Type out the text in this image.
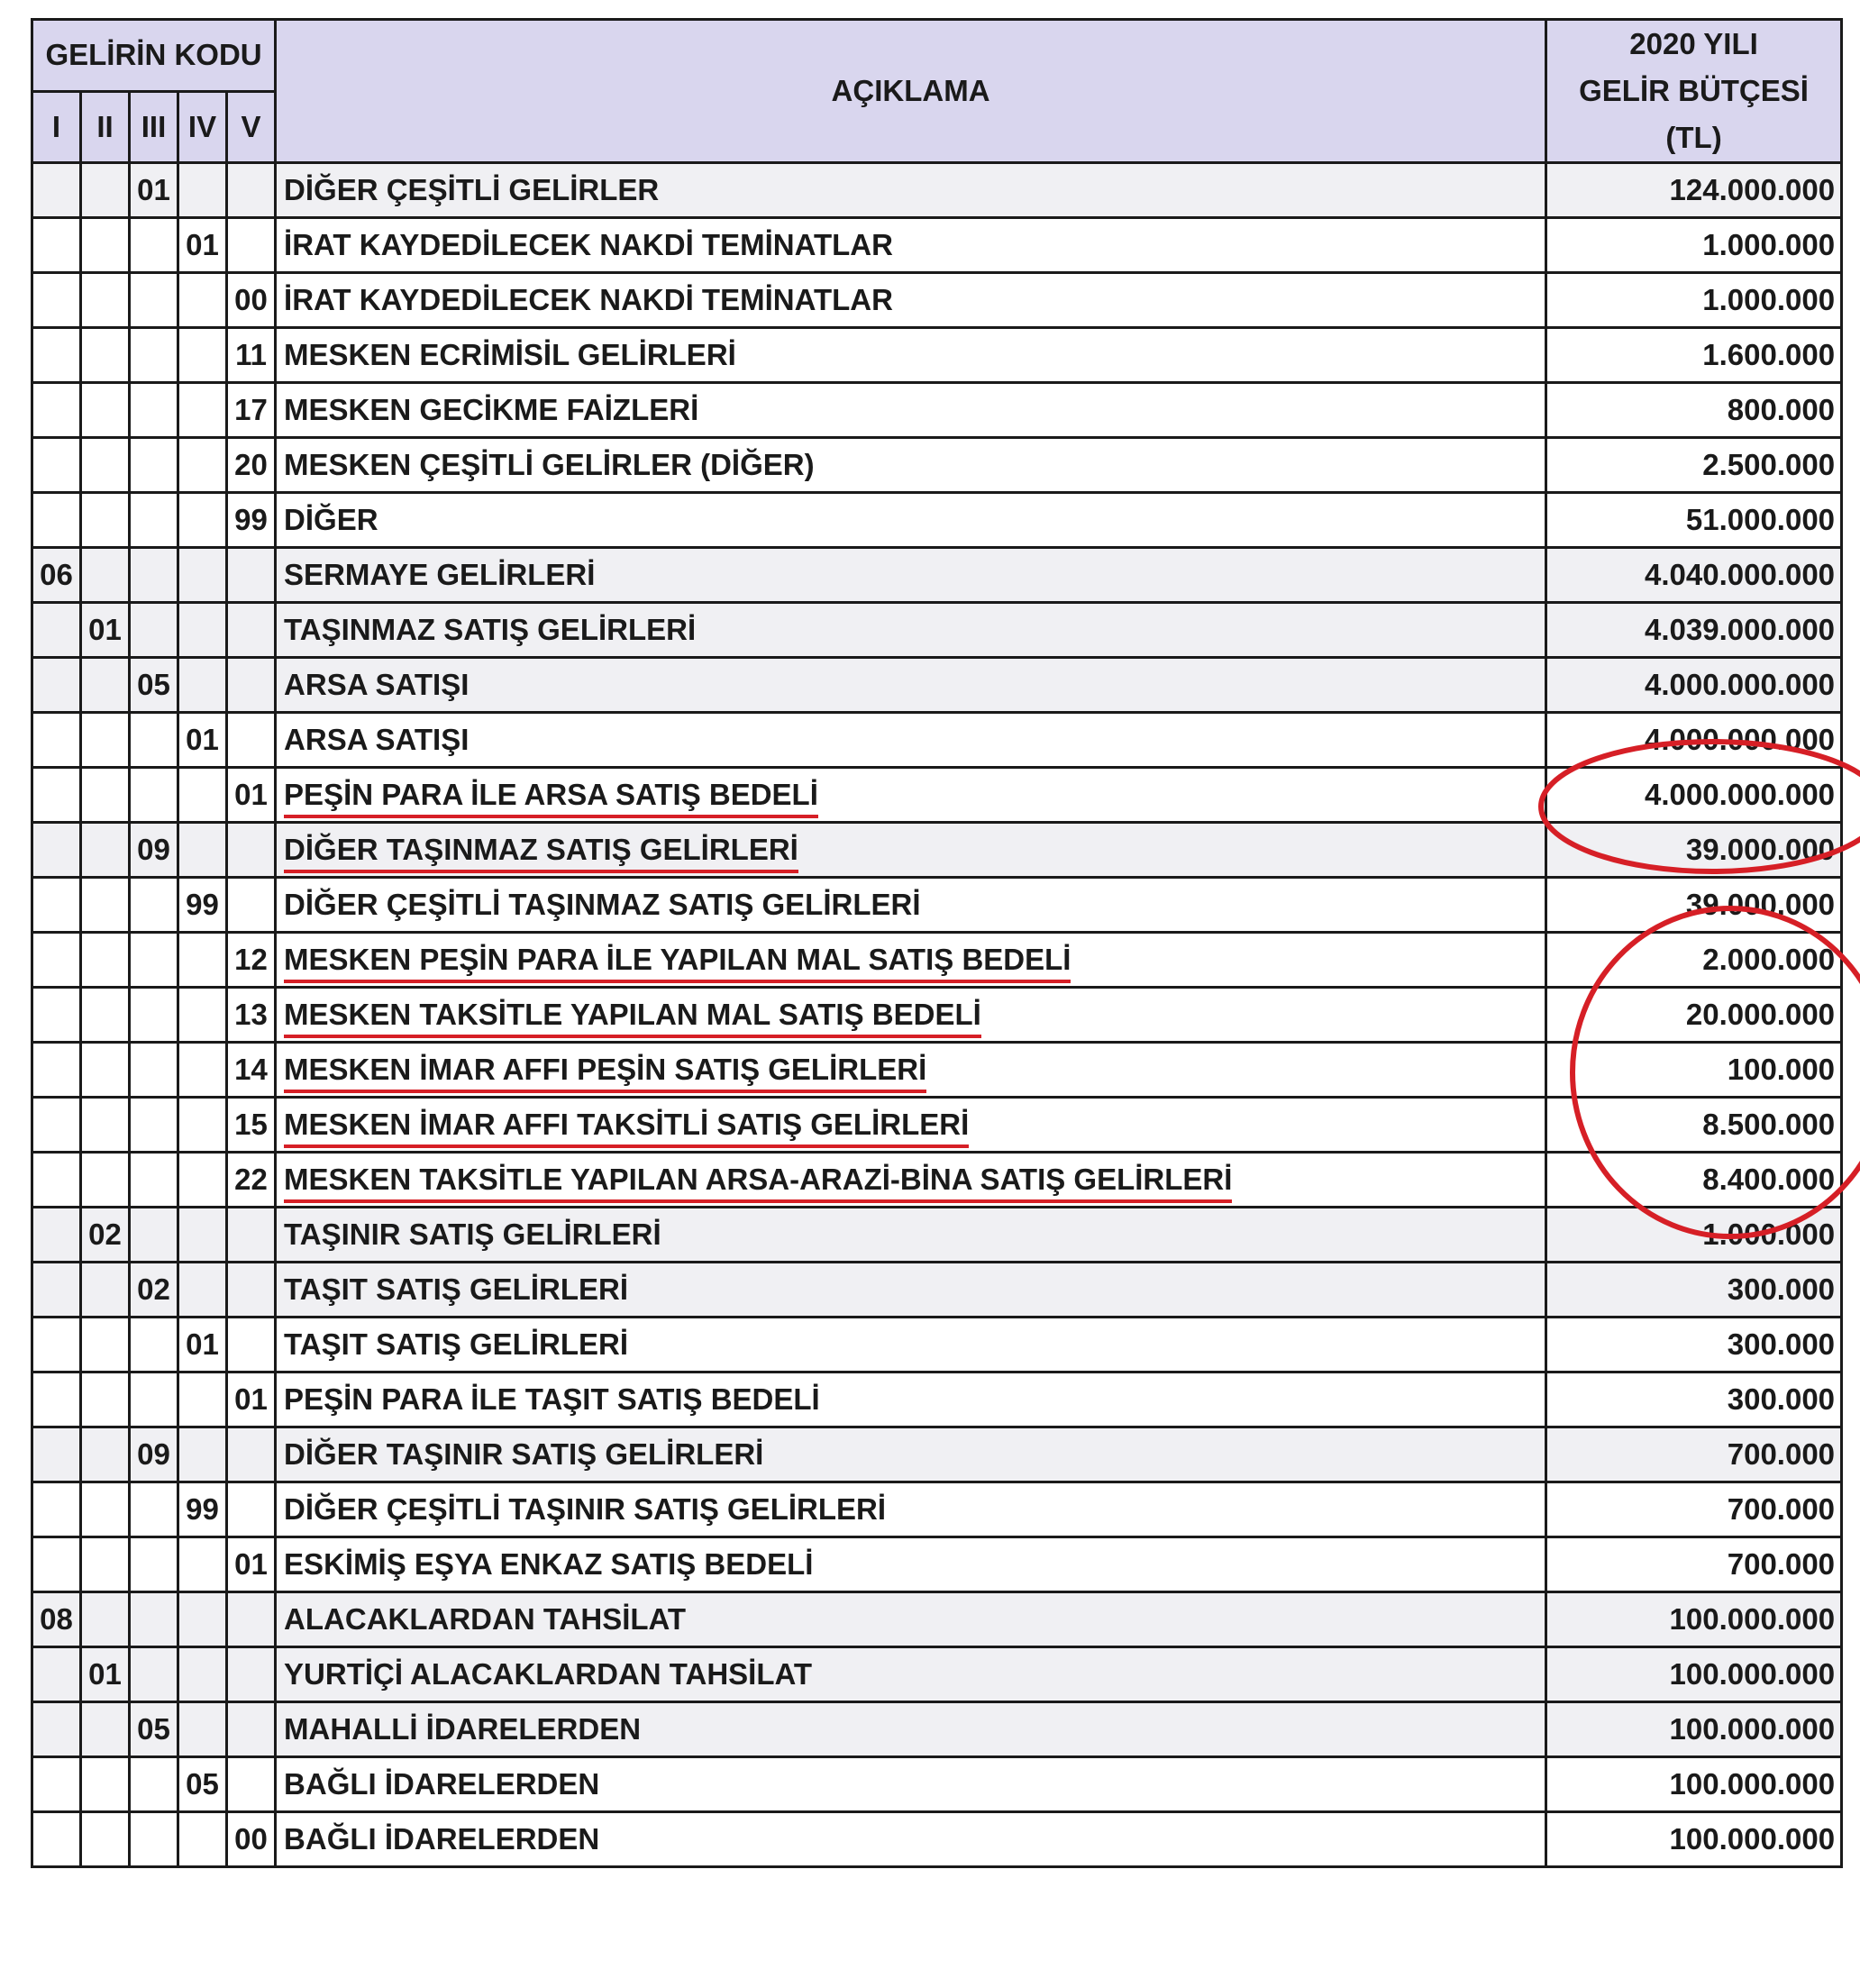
GELİRİN KODU					AÇIKLAMA	2020 YILI
GELİR BÜTÇESİ
(TL)

I	II	III	IV	V		
		01			DİĞER ÇEŞİTLİ GELİRLER	124.000.000
			01		İRAT KAYDEDİLECEK NAKDİ TEMİNATLAR	1.000.000
				00	İRAT KAYDEDİLECEK NAKDİ TEMİNATLAR	1.000.000
				11	MESKEN ECRİMİSİL GELİRLERİ	1.600.000
				17	MESKEN GECİKME FAİZLERİ	800.000
				20	MESKEN ÇEŞİTLİ GELİRLER (DİĞER)	2.500.000
				99	DİĞER	51.000.000
06					SERMAYE GELİRLERİ	4.040.000.000
	01				TAŞINMAZ SATIŞ GELİRLERİ	4.039.000.000
		05			ARSA SATIŞI	4.000.000.000
			01		ARSA SATIŞI	4.000.000.000
				01	PEŞİN PARA İLE ARSA SATIŞ BEDELİ	4.000.000.000
		09			DİĞER TAŞINMAZ SATIŞ GELİRLERİ	39.000.000
			99		DİĞER ÇEŞİTLİ TAŞINMAZ SATIŞ GELİRLERİ	39.000.000
				12	MESKEN PEŞİN PARA İLE YAPILAN MAL SATIŞ BEDELİ	2.000.000
				13	MESKEN TAKSİTLE YAPILAN MAL SATIŞ BEDELİ	20.000.000
				14	MESKEN İMAR AFFI PEŞİN SATIŞ GELİRLERİ	100.000
				15	MESKEN İMAR AFFI TAKSİTLİ SATIŞ GELİRLERİ	8.500.000
				22	MESKEN TAKSİTLE YAPILAN ARSA-ARAZİ-BİNA SATIŞ GELİRLERİ	8.400.000
	02				TAŞINIR SATIŞ GELİRLERİ	1.000.000
		02			TAŞIT SATIŞ GELİRLERİ	300.000
			01		TAŞIT SATIŞ GELİRLERİ	300.000
				01	PEŞİN PARA İLE TAŞIT SATIŞ BEDELİ	300.000
		09			DİĞER TAŞINIR SATIŞ GELİRLERİ	700.000
			99		DİĞER ÇEŞİTLİ TAŞINIR SATIŞ GELİRLERİ	700.000
				01	ESKİMİŞ EŞYA ENKAZ SATIŞ BEDELİ	700.000
08					ALACAKLARDAN TAHSİLAT	100.000.000
	01				YURTİÇİ ALACAKLARDAN TAHSİLAT	100.000.000
		05			MAHALLİ İDARELERDEN	100.000.000
			05		BAĞLI İDARELERDEN	100.000.000
				00	BAĞLI İDARELERDEN	100.000.000
